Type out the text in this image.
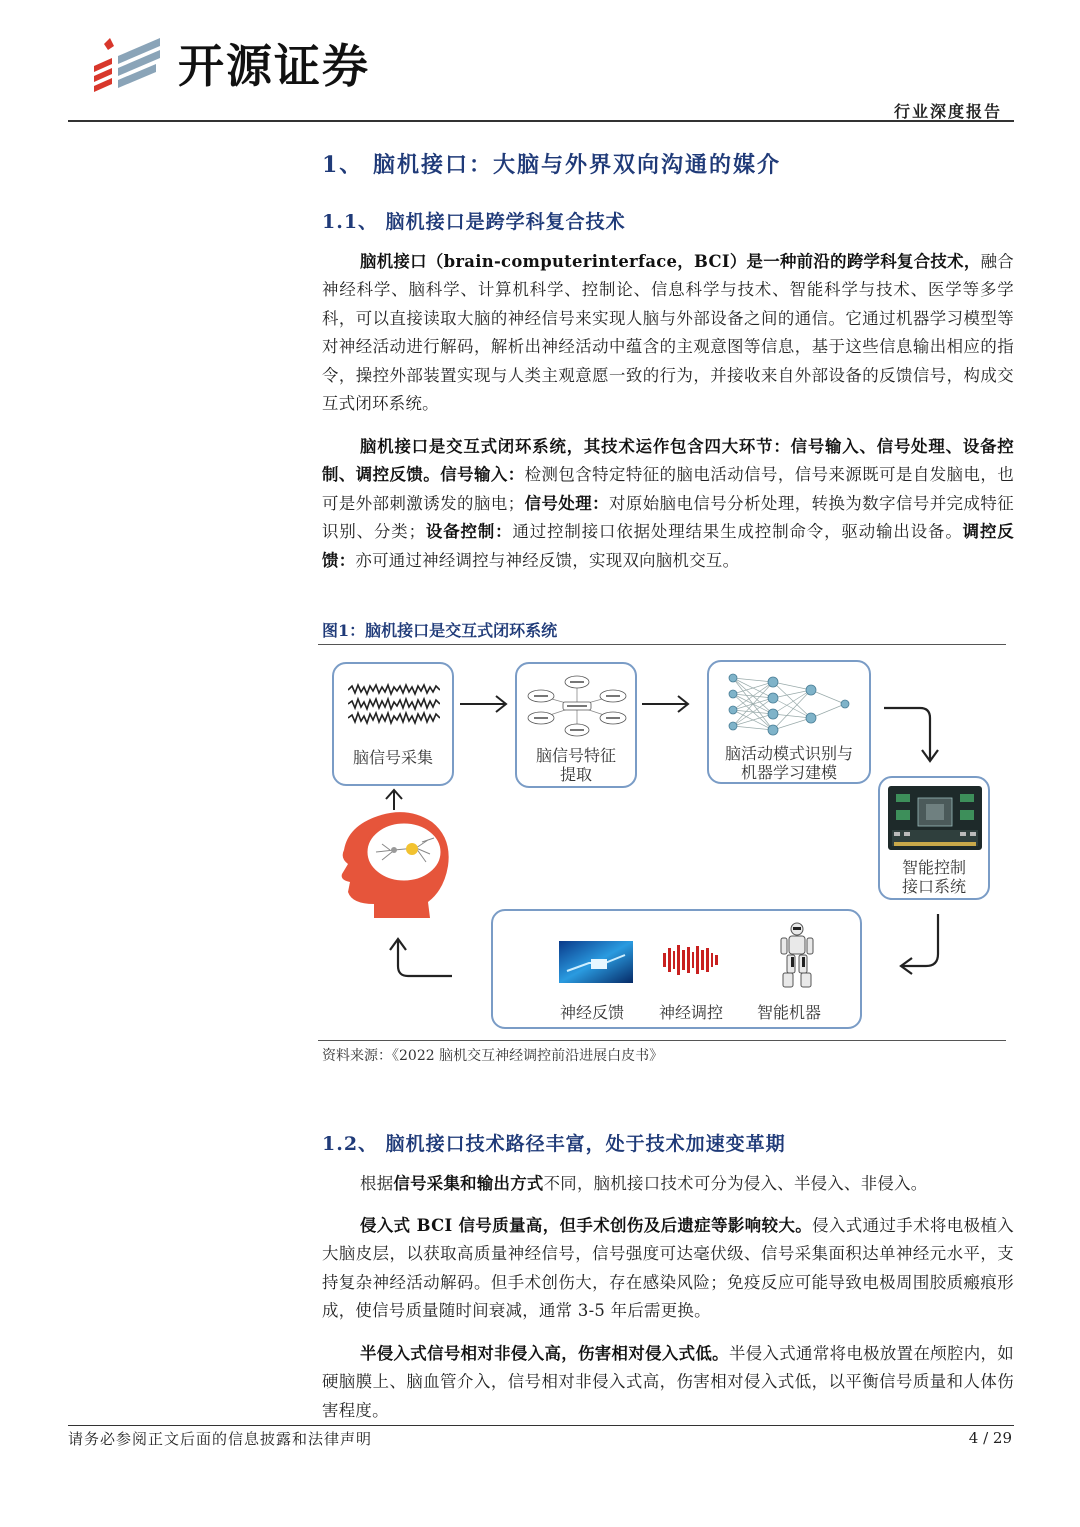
开源证券
行业深度报告
1、 脑机接口：大脑与外界双向沟通的媒介
1.1、 脑机接口是跨学科复合技术
脑机接口（brain-computerinterface，BCI）是一种前沿的跨学科复合技术，融合神经科学、脑科学、计算机科学、控制论、信息科学与技术、智能科学与技术、医学等多学科，可以直接读取大脑的神经信号来实现人脑与外部设备之间的通信。它通过机器学习模型等对神经活动进行解码，解析出神经活动中蕴含的主观意图等信息，基于这些信息输出相应的指令，操控外部装置实现与人类主观意愿一致的行为，并接收来自外部设备的反馈信号，构成交互式闭环系统。
脑机接口是交互式闭环系统，其技术运作包含四大环节：信号输入、信号处理、设备控制、调控反馈。信号输入：检测包含特定特征的脑电活动信号，信号来源既可是自发脑电，也可是外部刺激诱发的脑电；信号处理：对原始脑电信号分析处理，转换为数字信号并完成特征识别、分类；设备控制：通过控制接口依据处理结果生成控制命令，驱动输出设备。调控反馈：亦可通过神经调控与神经反馈，实现双向脑机交互。
图1：脑机接口是交互式闭环系统
脑信号采集	脑信号特征
提取
脑活动模式识别与
机器学习建模
智能控制
接口系统
神经反馈 神经调控 智能机器
资料来源：《2022 脑机交互神经调控前沿进展白皮书》
1.2、 脑机接口技术路径丰富，处于技术加速变革期
根据信号采集和输出方式不同，脑机接口技术可分为侵入、半侵入、非侵入。
侵入式 BCI 信号质量高，但手术创伤及后遗症等影响较大。侵入式通过手术将电极植入大脑皮层，以获取高质量神经信号，信号强度可达毫伏级、信号采集面积达单神经元水平，支持复杂神经活动解码。但手术创伤大，存在感染风险；免疫反应可能导致电极周围胶质瘢痕形成，使信号质量随时间衰减，通常 3-5 年后需更换。
半侵入式信号相对非侵入高，伤害相对侵入式低。半侵入式通常将电极放置在颅腔内，如硬脑膜上、脑血管介入，信号相对非侵入式高，伤害相对侵入式低，以平衡信号质量和人体伤害程度。
请务必参阅正文后面的信息披露和法律声明	4 / 29
